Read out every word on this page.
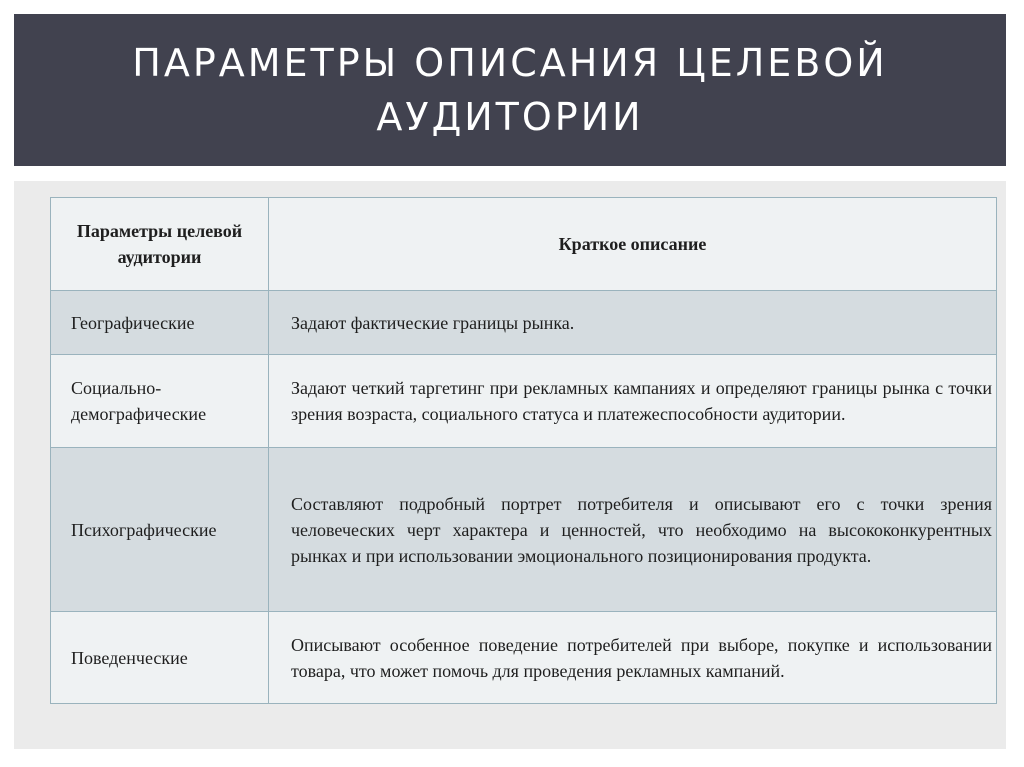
ПАРАМЕТРЫ ОПИСАНИЯ ЦЕЛЕВОЙ АУДИТОРИИ
Параметры целевой аудитории	Краткое описание
Географические	Задают фактические границы рынка.
Социально-демографические	Задают четкий таргетинг при рекламных кампаниях и определяют границы рынка с точки зрения возраста, социального статуса и платежеспособности аудитории.
Психографические	Составляют подробный портрет потребителя и описывают его с точки зрения человеческих черт характера и ценностей, что необходимо на высококонкурентных рынках и при использовании эмоционального позиционирования продукта.
Поведенческие	Описывают особенное поведение потребителей при выборе, покупке и использовании товара, что может помочь для проведения рекламных кампаний.
